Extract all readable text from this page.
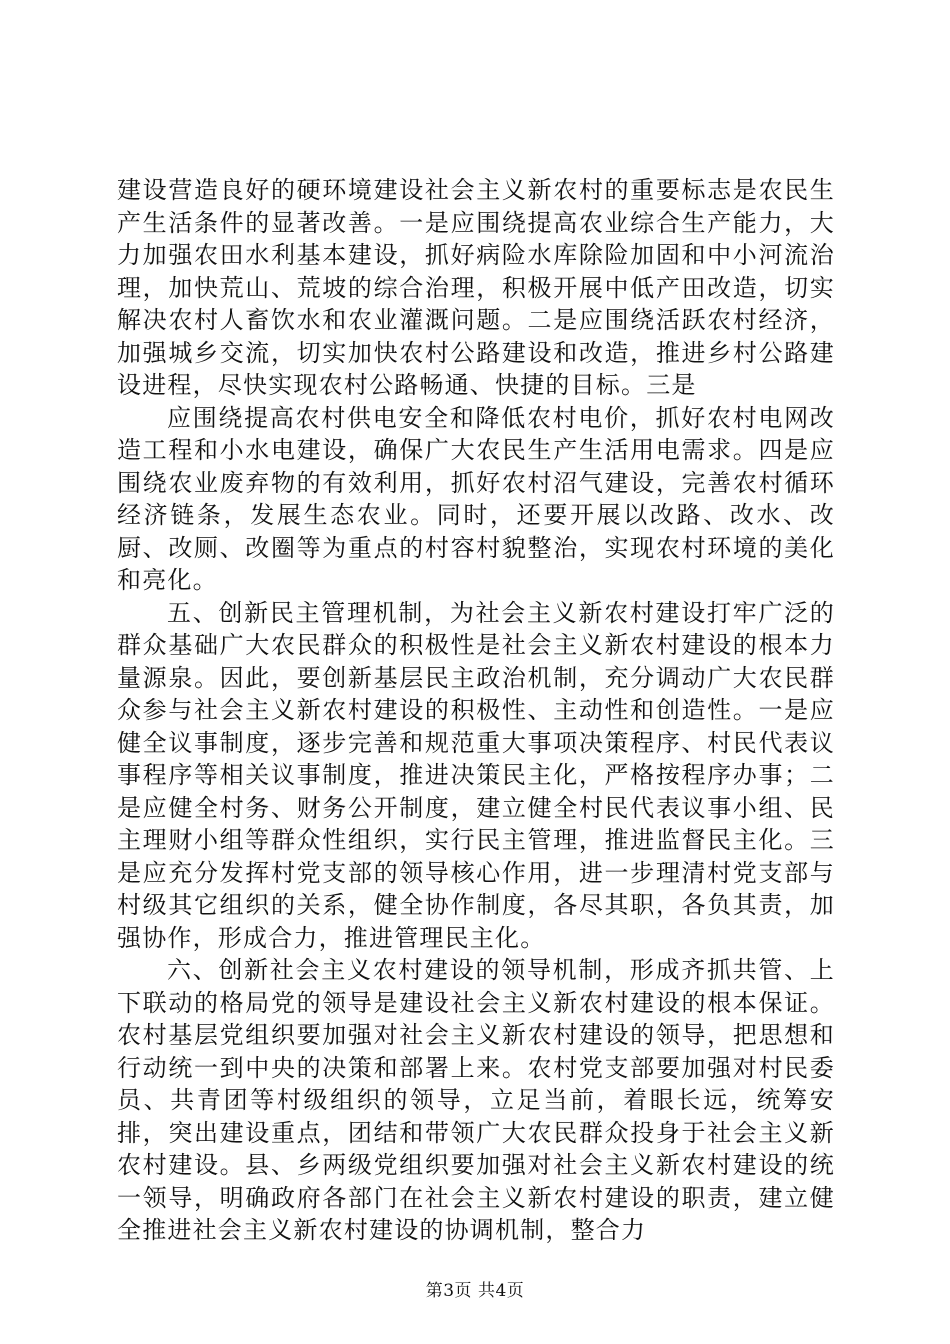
建设营造良好的硬环境建设社会主义新农村的重要标志是农民生产生活条件的显著改善。一是应围绕提高农业综合生产能力，大力加强农田水利基本建设，抓好病险水库除险加固和中小河流治理，加快荒山、荒坡的综合治理，积极开展中低产田改造，切实解决农村人畜饮水和农业灌溉问题。二是应围绕活跃农村经济，加强城乡交流，切实加快农村公路建设和改造，推进乡村公路建设进程，尽快实现农村公路畅通、快捷的目标。三是

应围绕提高农村供电安全和降低农村电价，抓好农村电网改造工程和小水电建设，确保广大农民生产生活用电需求。四是应围绕农业废弃物的有效利用，抓好农村沼气建设，完善农村循环经济链条，发展生态农业。同时，还要开展以改路、改水、改厨、改厕、改圈等为重点的村容村貌整治，实现农村环境的美化和亮化。

五、创新民主管理机制，为社会主义新农村建设打牢广泛的群众基础广大农民群众的积极性是社会主义新农村建设的根本力量源泉。因此，要创新基层民主政治机制，充分调动广大农民群众参与社会主义新农村建设的积极性、主动性和创造性。一是应健全议事制度，逐步完善和规范重大事项决策程序、村民代表议事程序等相关议事制度，推进决策民主化，严格按程序办事；二是应健全村务、财务公开制度，建立健全村民代表议事小组、民主理财小组等群众性组织，实行民主管理，推进监督民主化。三是应充分发挥村党支部的领导核心作用，进一步理清村党支部与村级其它组织的关系，健全协作制度，各尽其职，各负其责，加强协作，形成合力，推进管理民主化。

六、创新社会主义农村建设的领导机制，形成齐抓共管、上下联动的格局党的领导是建设社会主义新农村建设的根本保证。农村基层党组织要加强对社会主义新农村建设的领导，把思想和行动统一到中央的决策和部署上来。农村党支部要加强对村民委员、共青团等村级组织的领导，立足当前，着眼长远，统筹安排，突出建设重点，团结和带领广大农民群众投身于社会主义新农村建设。县、乡两级党组织要加强对社会主义新农村建设的统一领导，明确政府各部门在社会主义新农村建设的职责，建立健全推进社会主义新农村建设的协调机制，整合力

第3页 共4页
